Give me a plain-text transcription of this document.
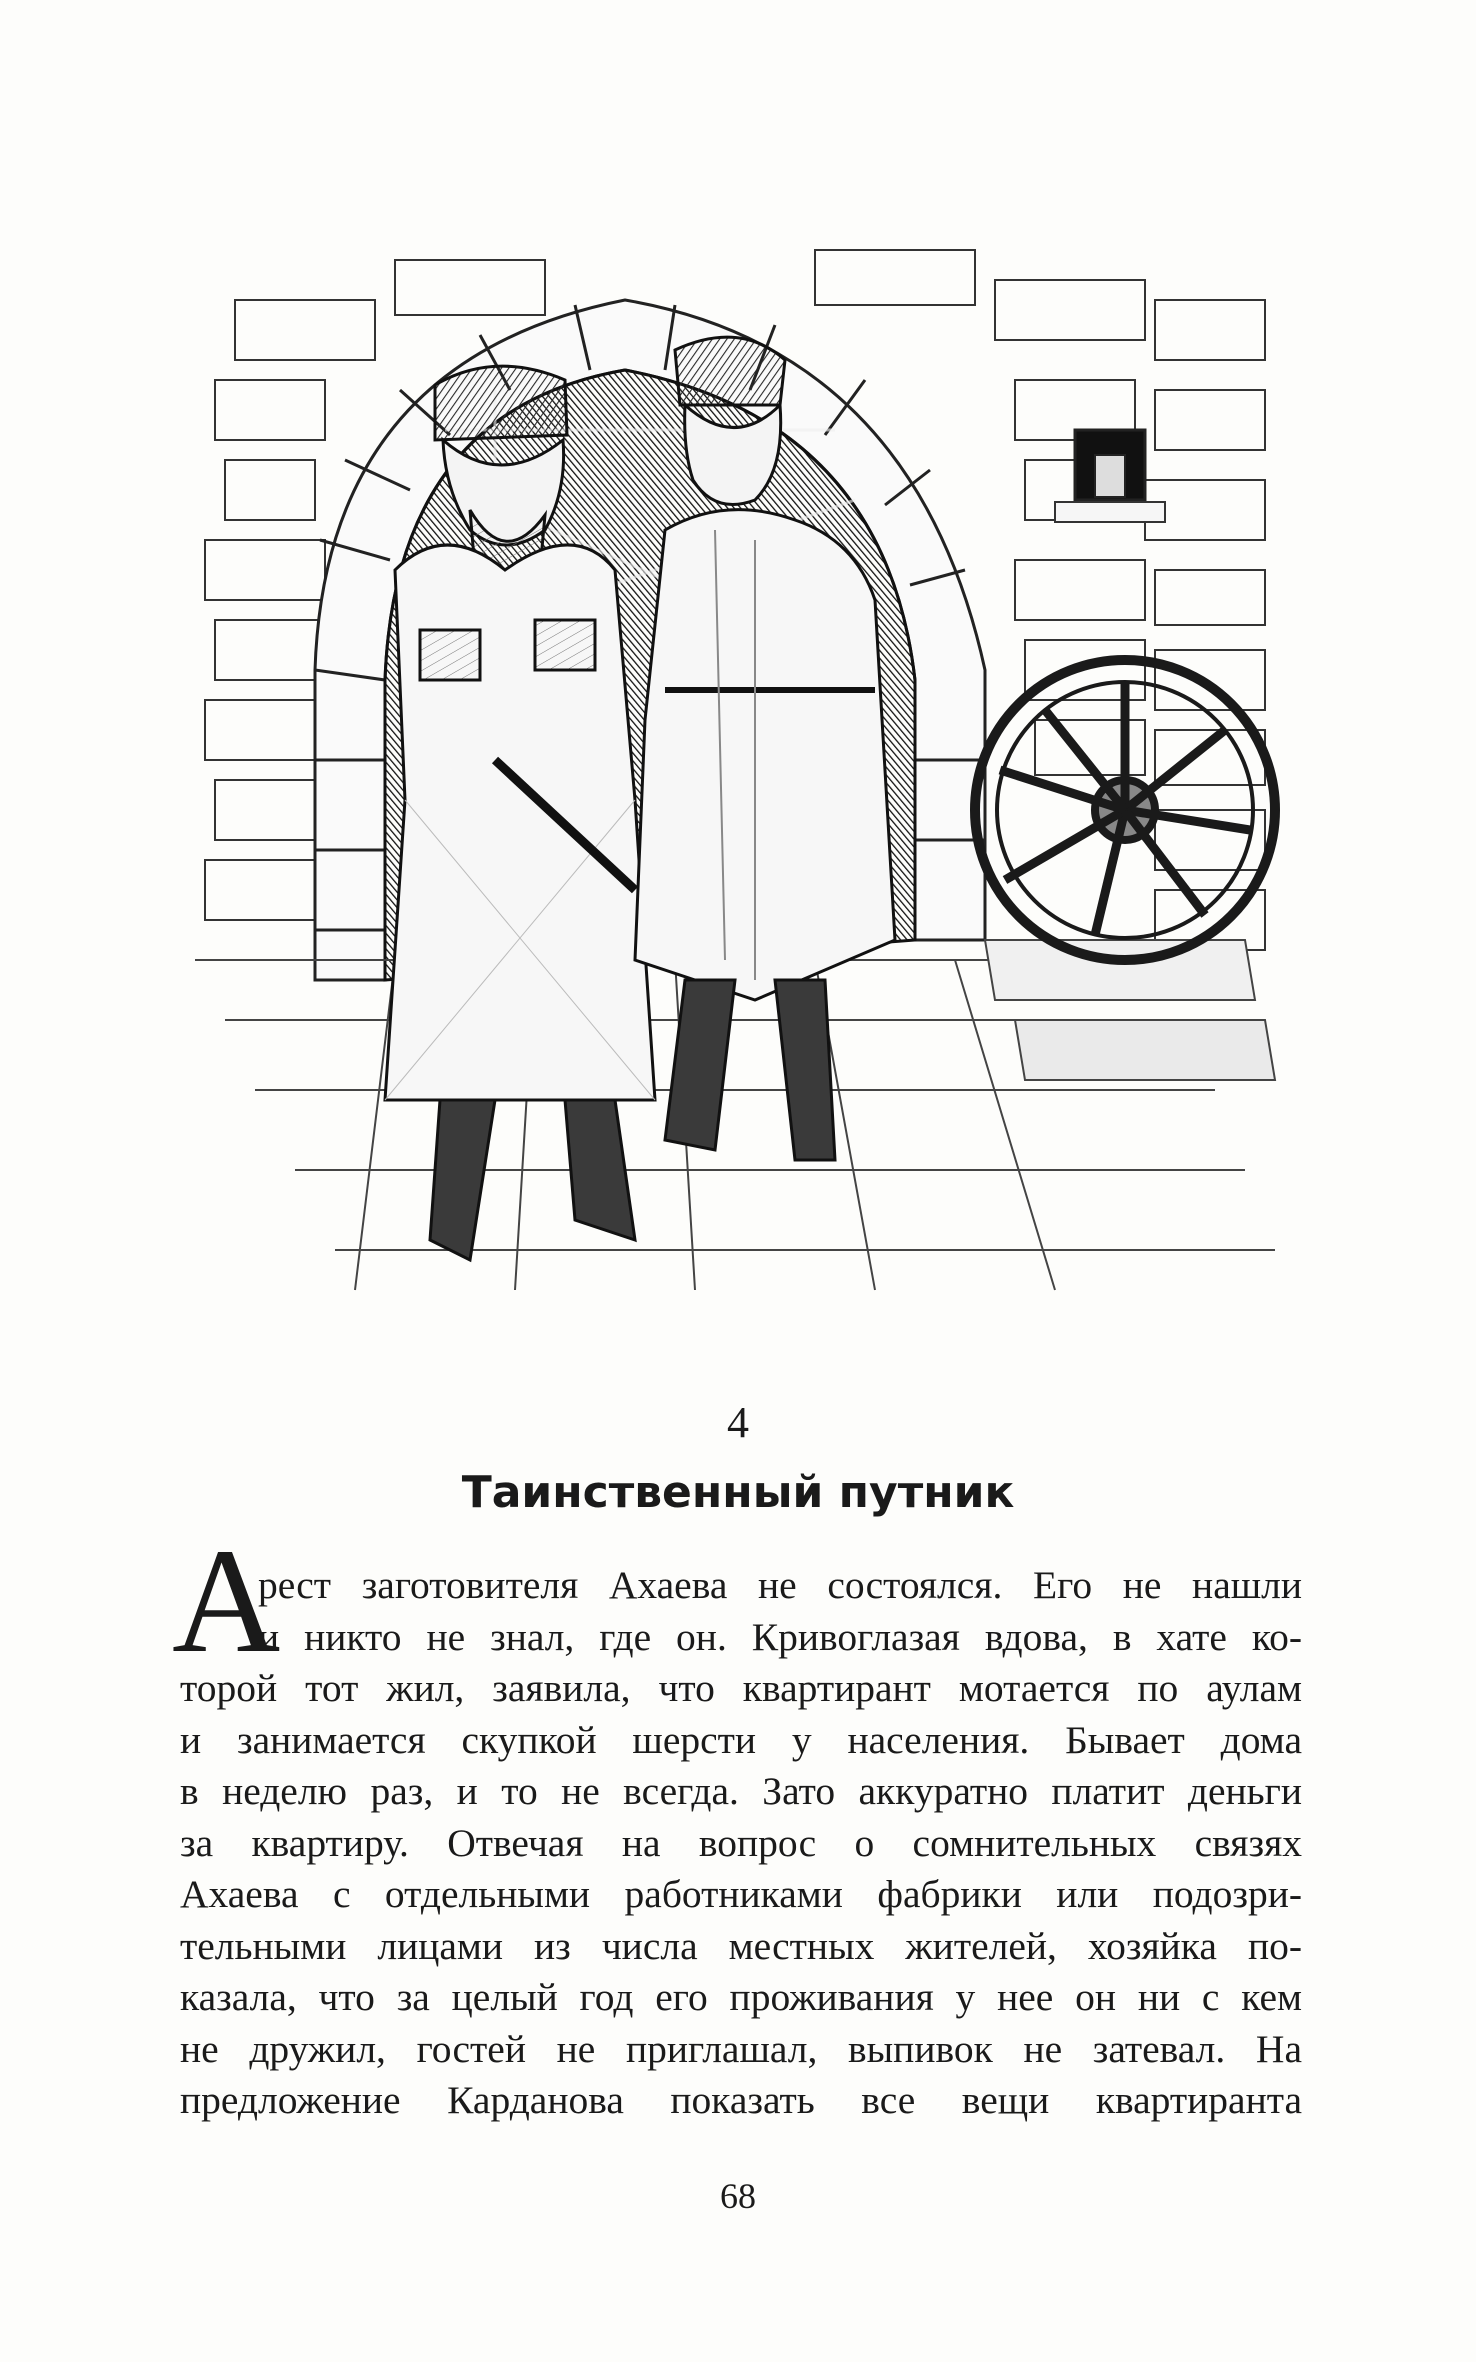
4
Таинственный путник
А
рест заготовителя Ахаева не состоялся. Его не нашли
и никто не знал, где он. Кривоглазая вдова, в хате ко-
торой тот жил, заявила, что квартирант мотается по аулам
и занимается скупкой шерсти у населения. Бывает дома
в неделю раз, и то не всегда. Зато аккуратно платит деньги
за квартиру. Отвечая на вопрос о сомнительных связях
Ахаева с отдельными работниками фабрики или подозри-
тельными лицами из числа местных жителей, хозяйка по-
казала, что за целый год его проживания у нее он ни с кем
не дружил, гостей не приглашал, выпивок не затевал. На
предложение Карданова показать все вещи квартиранта
68
